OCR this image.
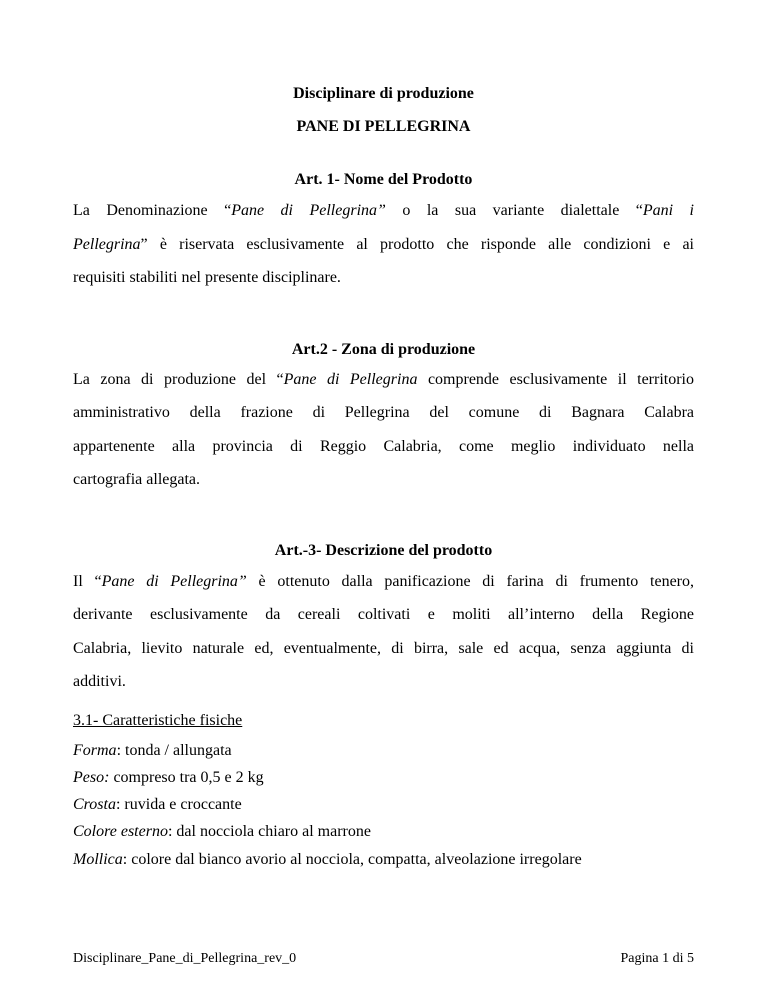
Disciplinare di produzione
PANE DI PELLEGRINA
Art. 1- Nome del Prodotto
La Denominazione “Pane di Pellegrina” o la sua variante dialettale “Pani i
Pellegrina” è riservata esclusivamente al prodotto che risponde alle condizioni e ai
requisiti stabiliti nel presente disciplinare.
Art.2 - Zona di produzione
La zona di produzione del “Pane di Pellegrina comprende esclusivamente il territorio
amministrativo della frazione di Pellegrina del comune di Bagnara Calabra
appartenente alla provincia di Reggio Calabria, come meglio individuato nella
cartografia allegata.
Art.-3- Descrizione del prodotto
Il “Pane di Pellegrina” è ottenuto dalla panificazione di farina di frumento tenero,
derivante esclusivamente da cereali coltivati e moliti all’interno della Regione
Calabria, lievito naturale ed, eventualmente, di birra, sale ed acqua, senza aggiunta di
additivi.
3.1- Caratteristiche fisiche
Forma: tonda / allungata
Peso: compreso tra 0,5 e 2 kg
Crosta: ruvida e croccante
Colore esterno: dal nocciola chiaro al marrone
Mollica: colore dal bianco avorio al nocciola, compatta, alveolazione irregolare
Disciplinare_Pane_di_Pellegrina_rev_0	Pagina 1 di 5
